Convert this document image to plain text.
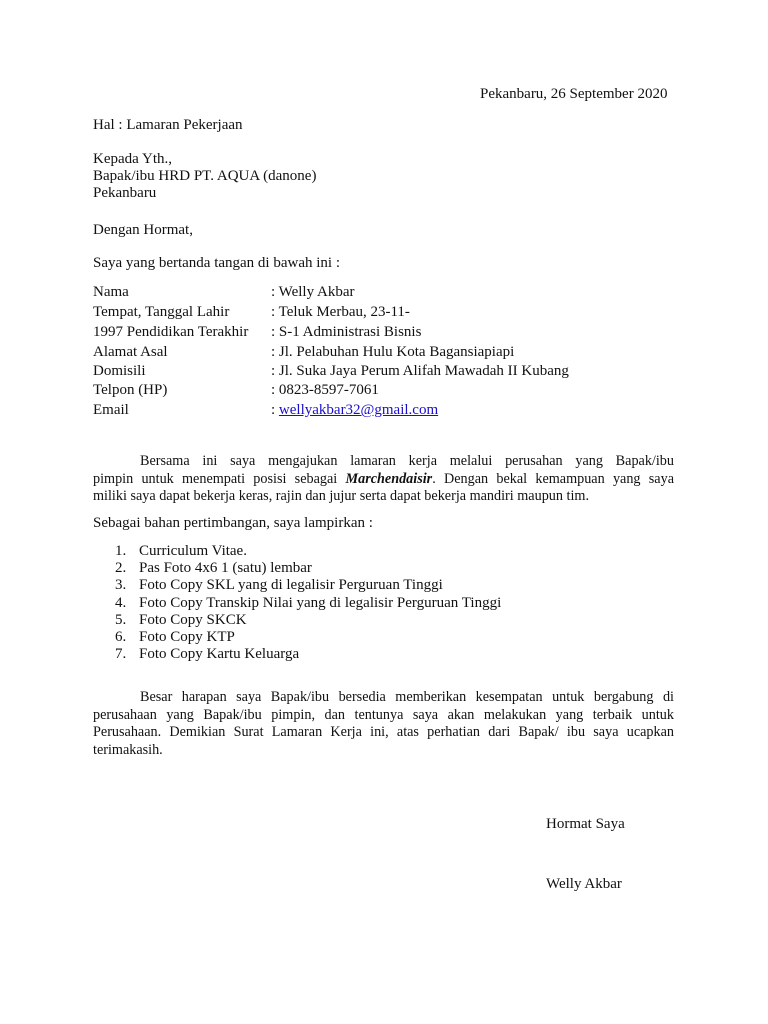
Pekanbaru, 26 September 2020
Hal : Lamaran Pekerjaan
Kepada Yth.,
Bapak/ibu HRD PT. AQUA (danone)
Pekanbaru
Dengan Hormat,
Saya yang bertanda tangan di bawah ini :
Nama	: Welly Akbar
Tempat, Tanggal Lahir	: Teluk Merbau, 23-11-
1997 Pendidikan Terakhir : S-1 Administrasi Bisnis
Alamat Asal	: Jl. Pelabuhan Hulu Kota Bagansiapiapi
Domisili	: Jl. Suka Jaya Perum Alifah Mawadah II Kubang
Telpon (HP)	: 0823-8597-7061
Email	: wellyakbar32@gmail.com
Bersama ini saya mengajukan lamaran kerja melalui perusahan yang Bapak/ibu
pimpin untuk menempati posisi sebagai Marchendaisir. Dengan bekal kemampuan yang saya
miliki saya dapat bekerja keras, rajin dan jujur serta dapat bekerja mandiri maupun tim.
Sebagai bahan pertimbangan, saya lampirkan :
1. Curriculum Vitae.
2. Pas Foto 4x6 1 (satu) lembar
3. Foto Copy SKL yang di legalisir Perguruan Tinggi
4. Foto Copy Transkip Nilai yang di legalisir Perguruan Tinggi
5. Foto Copy SKCK
6. Foto Copy KTP
7. Foto Copy Kartu Keluarga
Besar harapan saya Bapak/ibu bersedia memberikan kesempatan untuk bergabung di
perusahaan yang Bapak/ibu pimpin, dan tentunya saya akan melakukan yang terbaik untuk
Perusahaan. Demikian Surat Lamaran Kerja ini, atas perhatian dari Bapak/ ibu saya ucapkan
terimakasih.
Hormat Saya
Welly Akbar
